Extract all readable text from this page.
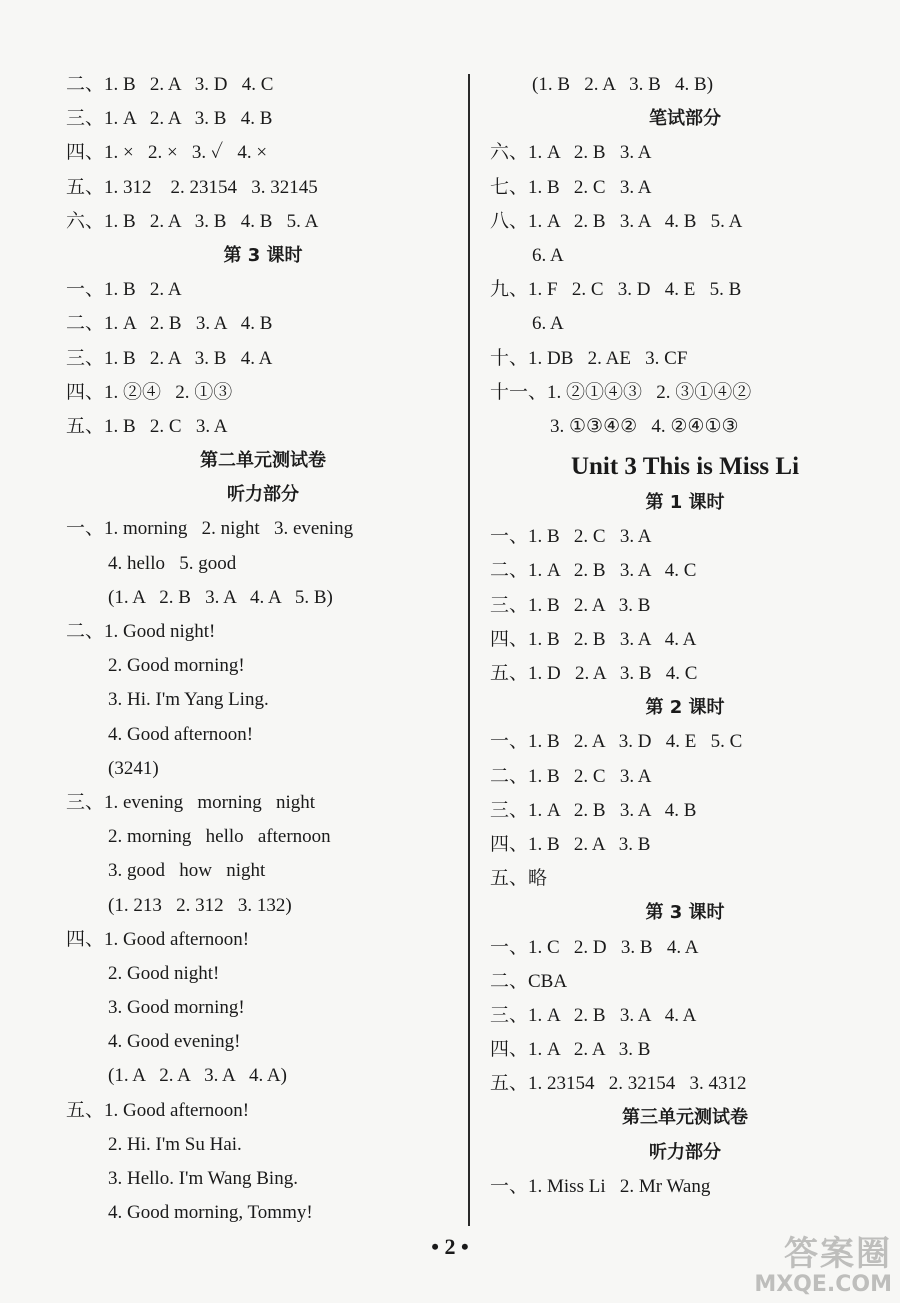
二、1. B   2. A   3. D   4. C
三、1. A   2. A   3. B   4. B
四、1. ×   2. ×   3. ✓   4. ×
五、1. 312    2. 23154   3. 32145
六、1. B   2. A   3. B   4. B   5. A
第 3 课时
一、1. B   2. A
二、1. A   2. B   3. A   4. B
三、1. B   2. A   3. B   4. A
四、1. ②④   2. ①③
五、1. B   2. C   3. A
第二单元测试卷
听力部分
一、1. morning   2. night   3. evening
4. hello   5. good
(1. A   2. B   3. A   4. A   5. B)
二、1. Good night!
2. Good morning!
3. Hi. I'm Yang Ling.
4. Good afternoon!
(3241)
三、1. evening   morning   night
2. morning   hello   afternoon
3. good   how   night
(1. 213   2. 312   3. 132)
四、1. Good afternoon!
2. Good night!
3. Good morning!
4. Good evening!
(1. A   2. A   3. A   4. A)
五、1. Good afternoon!
2. Hi. I'm Su Hai.
3. Hello. I'm Wang Bing.
4. Good morning, Tommy!
(1. B   2. A   3. B   4. B)
笔试部分
六、1. A   2. B   3. A
七、1. B   2. C   3. A
八、1. A   2. B   3. A   4. B   5. A
6. A
九、1. F   2. C   3. D   4. E   5. B
6. A
十、1. DB   2. AE   3. CF
十一、1. ②①④③   2. ③①④②
3. ①③④②   4. ②④①③
Unit 3 This is Miss Li
第 1 课时
一、1. B   2. C   3. A
二、1. A   2. B   3. A   4. C
三、1. B   2. A   3. B
四、1. B   2. B   3. A   4. A
五、1. D   2. A   3. B   4. C
第 2 课时
一、1. B   2. A   3. D   4. E   5. C
二、1. B   2. C   3. A
三、1. A   2. B   3. A   4. B
四、1. B   2. A   3. B
五、略
第 3 课时
一、1. C   2. D   3. B   4. A
二、CBA
三、1. A   2. B   3. A   4. A
四、1. A   2. A   3. B
五、1. 23154   2. 32154   3. 4312
第三单元测试卷
听力部分
一、1. Miss Li   2. Mr Wang
• 2 •	答案圈
MXQE.COM
